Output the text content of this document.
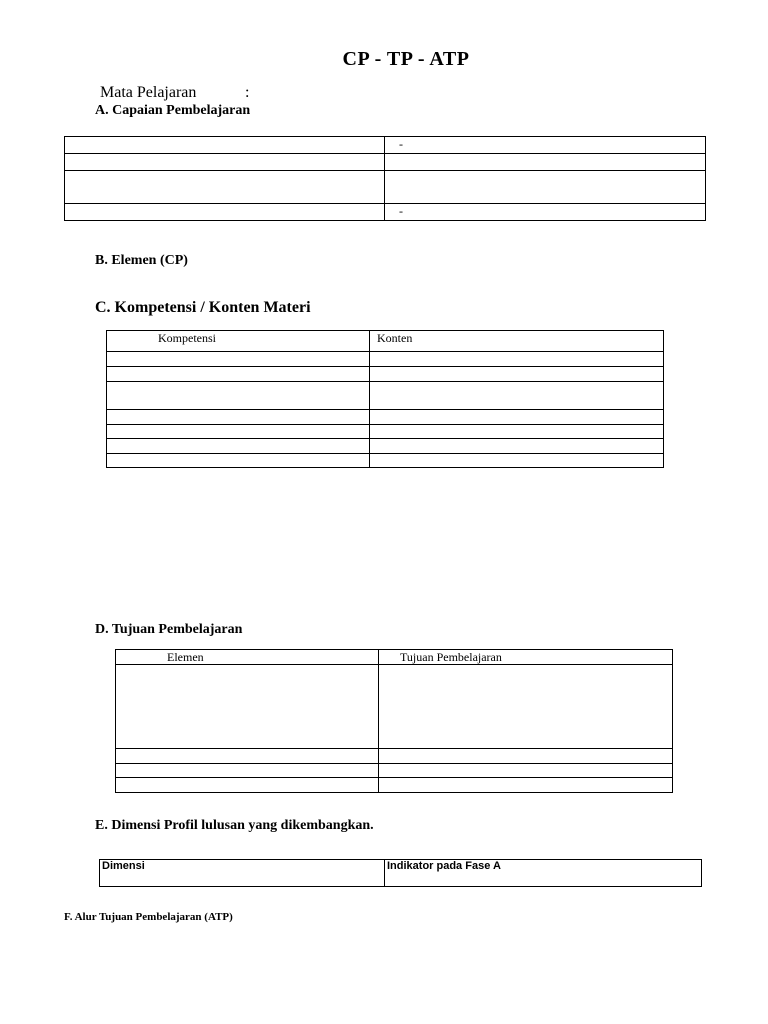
CP - TP - ATP
Mata Pelajaran	:
A. Capaian Pembelajaran
	-

	-
B. Elemen (CP)
C. Kompetensi / Konten Materi
Kompetensi	Konten

D. Tujuan Pembelajaran
Elemen	Tujuan Pembelajaran

E. Dimensi Profil lulusan yang dikembangkan.
Dimensi	Indikator pada Fase A
F. Alur Tujuan Pembelajaran (ATP)
